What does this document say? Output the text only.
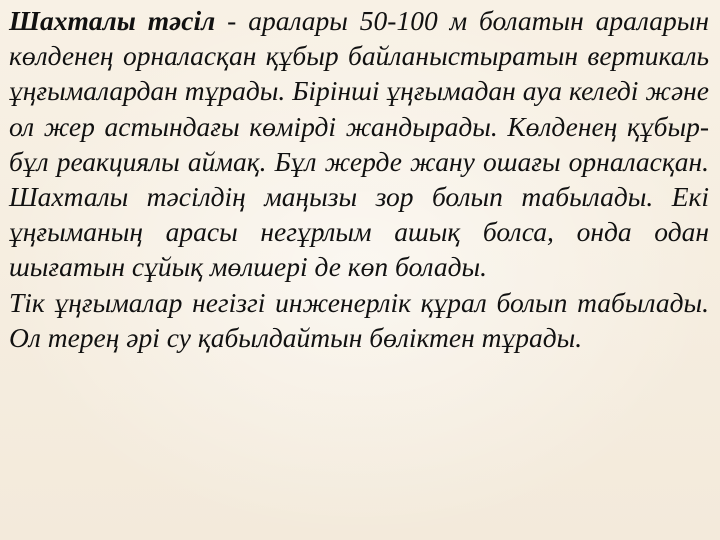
Шахталы тәсіл - аралары 50-100 м болатын араларын көлденең орналасқан құбыр байланыстыратын вертикаль ұңғымалардан тұрады. Бірінші ұңғымадан ауа келеді және ол жер астындағы көмірді жандырады. Көлденең құбыр- бұл реакциялы аймақ. Бұл жерде жану ошағы орналасқан. Шахталы тәсілдің маңызы зор болып табылады. Екі ұңғыманың арасы негұрлым ашық болса, онда одан шығатын сұйық мөлшері де көп болады.

Тік ұңғымалар негізгі инженерлік құрал болып табылады. Ол терең әрі су қабылдайтын бөліктен тұрады.
